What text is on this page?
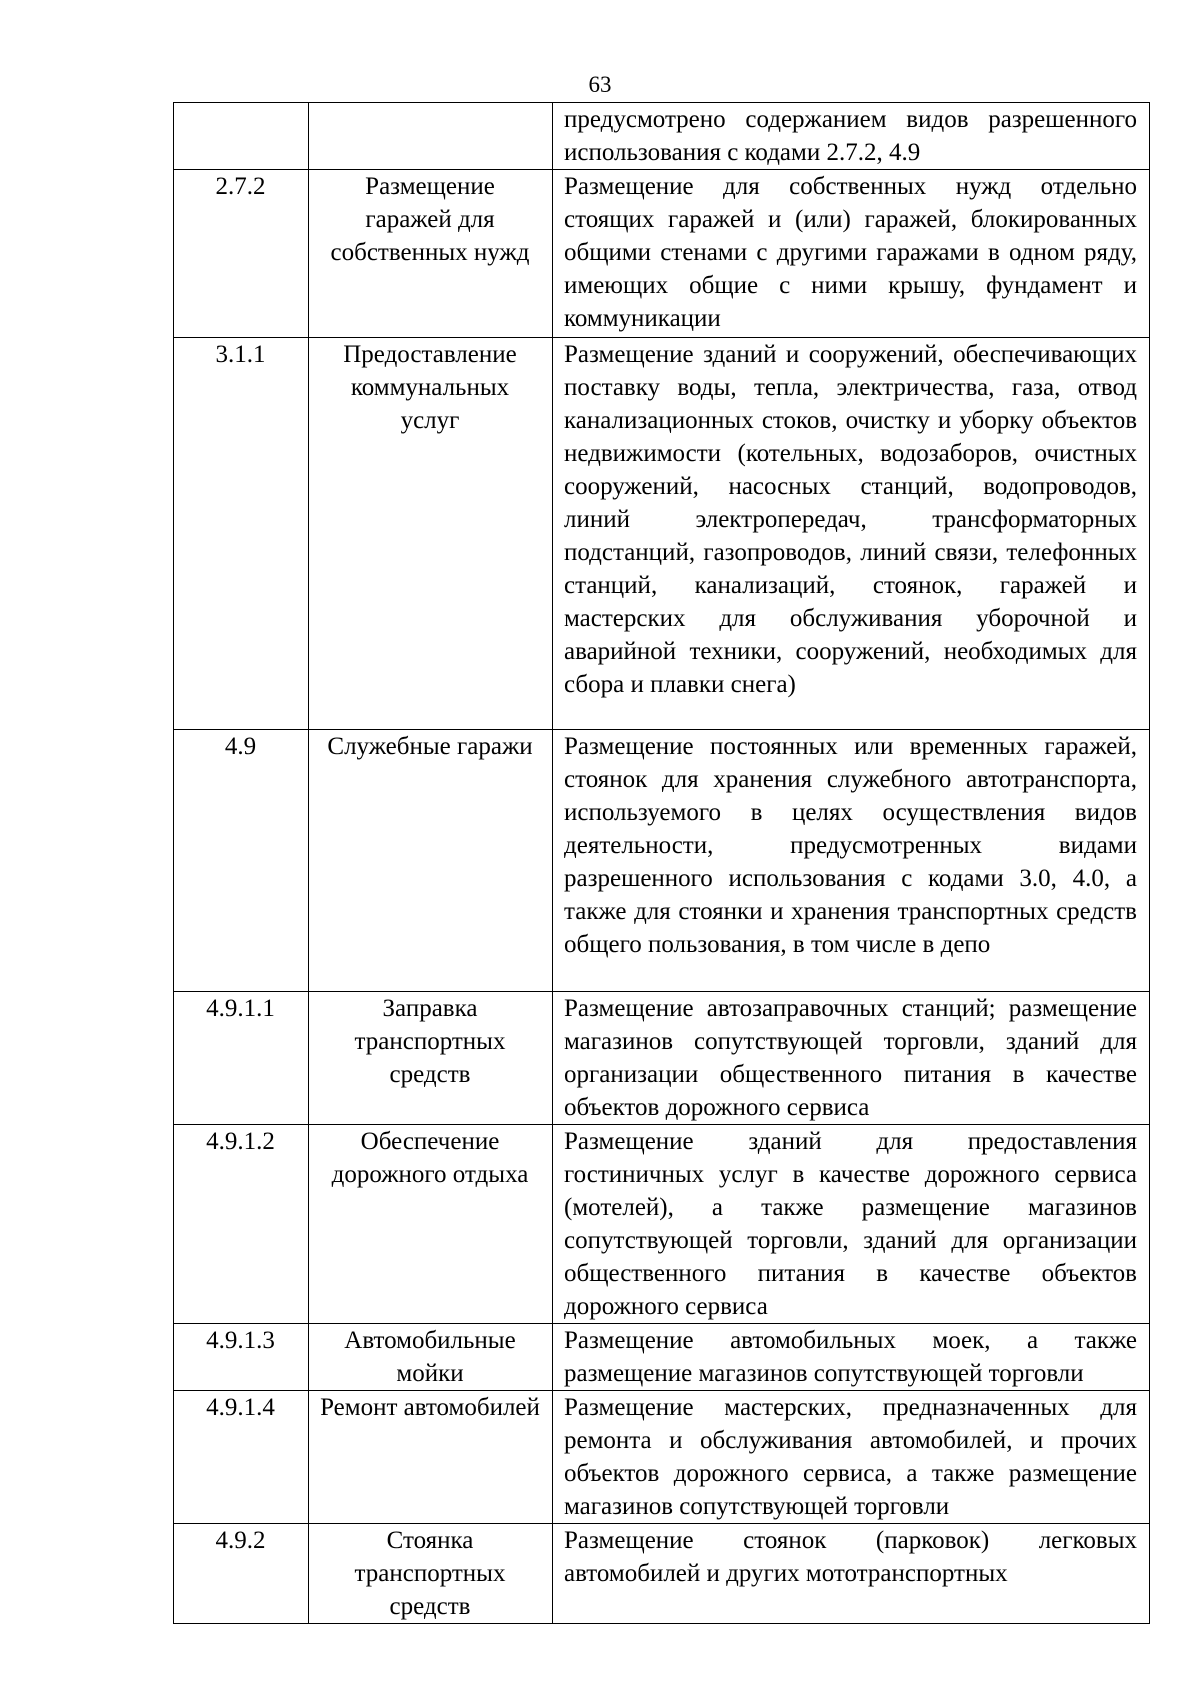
63
		предусмотрено содержанием видов разрешенного использования с кодами 2.7.2, 4.9
2.7.2	Размещение гаражей для собственных нужд	Размещение для собственных нужд отдельно стоящих гаражей и (или) гаражей, блокированных общими стенами с другими гаражами в одном ряду, имеющих общие с ними крышу, фундамент и коммуникации
3.1.1	Предоставление коммунальных услуг	Размещение зданий и сооружений, обеспечивающих поставку воды, тепла, электричества, газа, отвод канализационных стоков, очистку и уборку объектов недвижимости (котельных, водозаборов, очистных сооружений, насосных станций, водопроводов, линий электропередач, трансформаторных подстанций, газопроводов, линий связи, телефонных станций, канализаций, стоянок, гаражей и мастерских для обслуживания уборочной и аварийной техники, сооружений, необходимых для сбора и плавки снега)
4.9	Служебные гаражи	Размещение постоянных или временных гаражей, стоянок для хранения служебного автотранспорта, используемого в целях осуществления видов деятельности, предусмотренных видами разрешенного использования с кодами 3.0, 4.0, а также для стоянки и хранения транспортных средств общего пользования, в том числе в депо
4.9.1.1	Заправка транспортных средств	Размещение автозаправочных станций; размещение магазинов сопутствующей торговли, зданий для организации общественного питания в качестве объектов дорожного сервиса
4.9.1.2	Обеспечение дорожного отдыха	Размещение зданий для предоставления гостиничных услуг в качестве дорожного сервиса (мотелей), а также размещение магазинов сопутствующей торговли, зданий для организации общественного питания в качестве объектов дорожного сервиса
4.9.1.3	Автомобильные мойки	Размещение автомобильных моек, а также размещение магазинов сопутствующей торговли
4.9.1.4	Ремонт автомобилей	Размещение мастерских, предназначенных для ремонта и обслуживания автомобилей, и прочих объектов дорожного сервиса, а также размещение магазинов сопутствующей торговли
4.9.2	Стоянка транспортных средств	Размещение стоянок (парковок) легковых автомобилей и других мототранспортных
